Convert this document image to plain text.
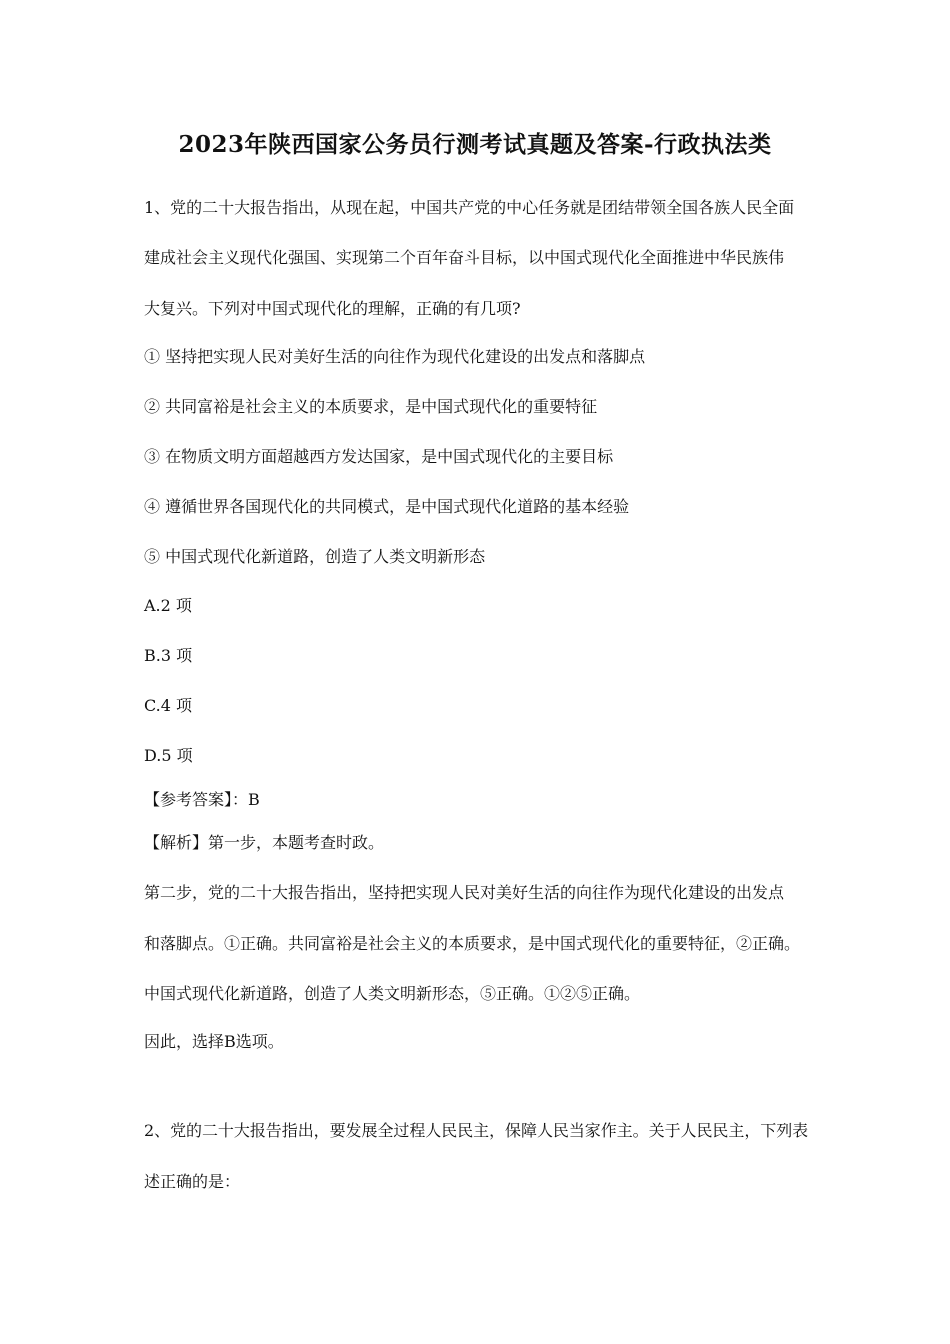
2023年陕西国家公务员行测考试真题及答案-行政执法类
1、党的二十大报告指出，从现在起，中国共产党的中心任务就是团结带领全国各族人民全面
建成社会主义现代化强国、实现第二个百年奋斗目标，以中国式现代化全面推进中华民族伟
大复兴。下列对中国式现代化的理解，正确的有几项?
① 坚持把实现人民对美好生活的向往作为现代化建设的出发点和落脚点
② 共同富裕是社会主义的本质要求，是中国式现代化的重要特征
③ 在物质文明方面超越西方发达国家，是中国式现代化的主要目标
④ 遵循世界各国现代化的共同模式，是中国式现代化道路的基本经验
⑤ 中国式现代化新道路，创造了人类文明新形态
A.2 项
B.3 项
C.4 项
D.5 项
【参考答案】：B
【解析】第一步，本题考查时政。
第二步，党的二十大报告指出，坚持把实现人民对美好生活的向往作为现代化建设的出发点
和落脚点。①正确。共同富裕是社会主义的本质要求，是中国式现代化的重要特征，②正确。
中国式现代化新道路，创造了人类文明新形态，⑤正确。①②⑤正确。
因此，选择B选项。
2、党的二十大报告指出，要发展全过程人民民主，保障人民当家作主。关于人民民主，下列表
述正确的是：
